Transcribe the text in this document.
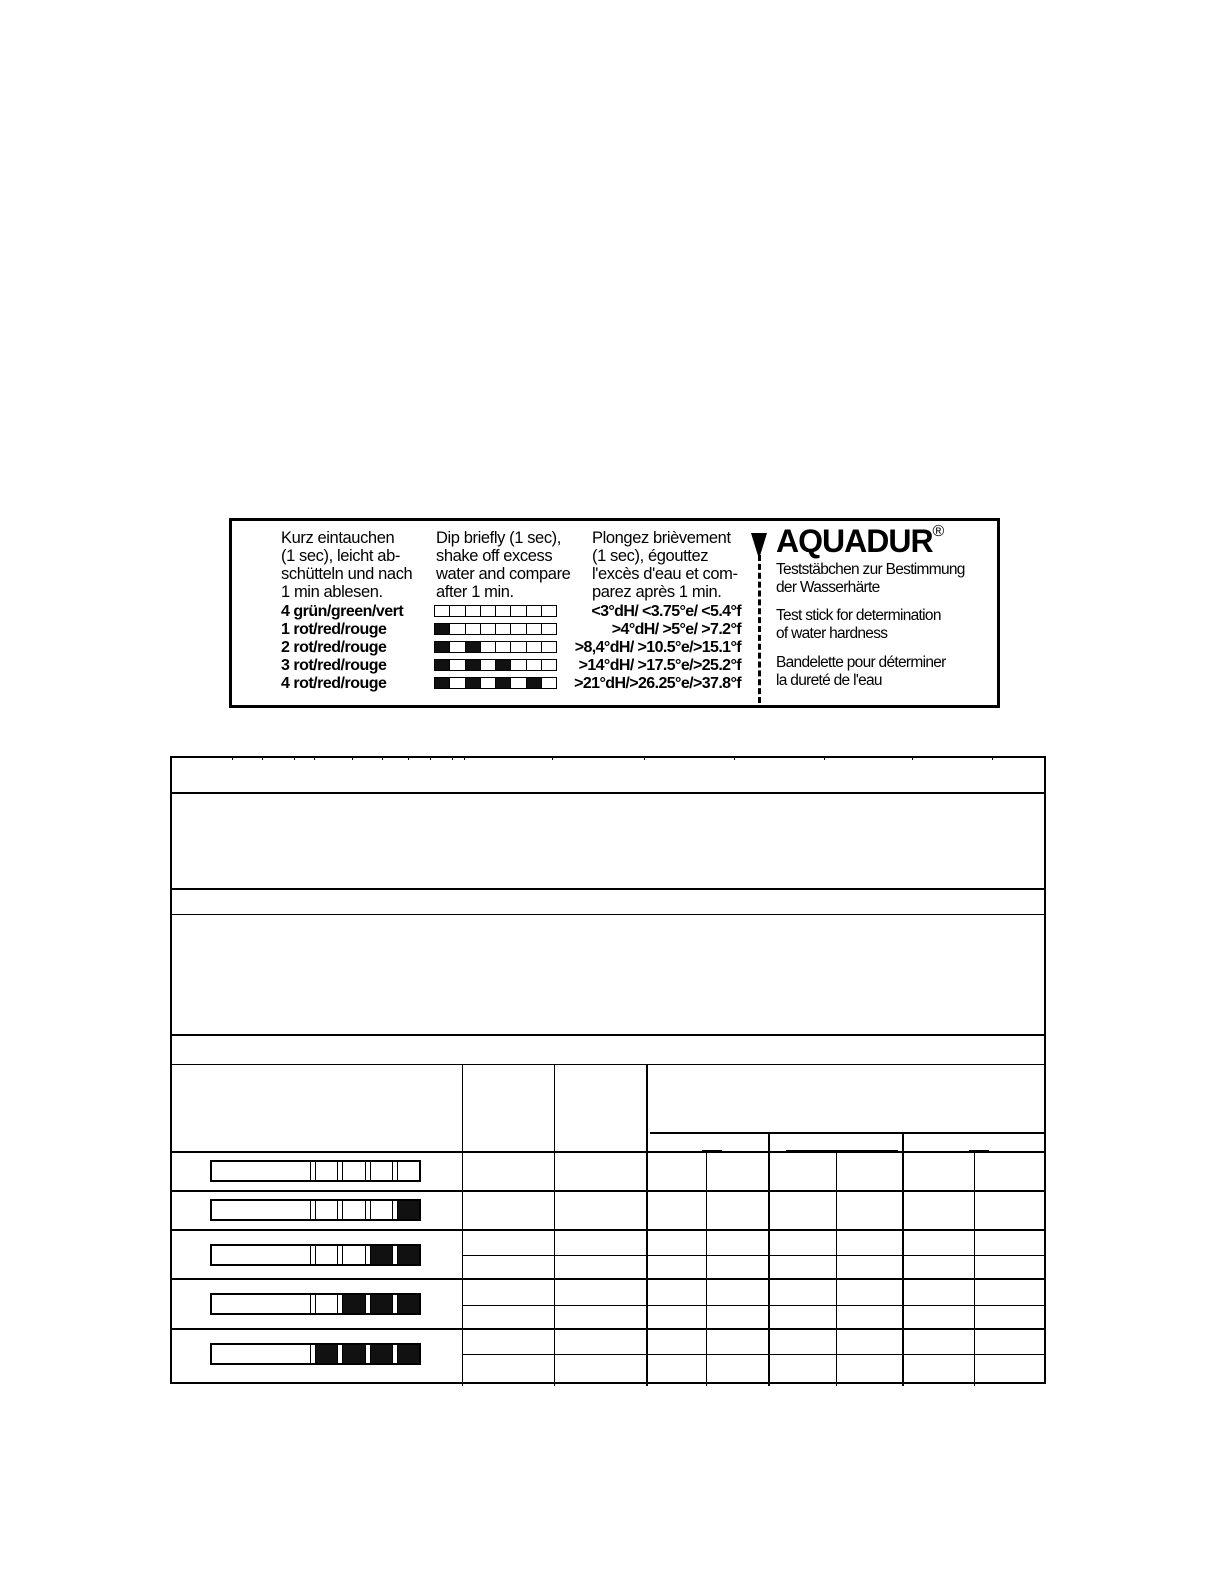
Kurz eintauchen
(1 sec), leicht ab-
schütteln und nach
1 min ablesen.
Dip briefly (1 sec),
shake off excess
water and compare
after 1 min.
Plongez brièvement
(1 sec), égouttez
l'excès d'eau et com-
parez après 1 min.
4 grün/green/vert
1 rot/red/rouge
2 rot/red/rouge
3 rot/red/rouge
4 rot/red/rouge
<3°dH/ <3.75°e/ <5.4°f
>4°dH/ >5°e/ >7.2°f
>8,4°dH/ >10.5°e/>15.1°f
>14°dH/ >17.5°e/>25.2°f
>21°dH/>26.25°e/>37.8°f
AQUADUR®
Teststäbchen zur Bestimmung
der Wasserhärte
Test stick for determination
of water hardness
Bandelette pour déterminer
la dureté de l'eau
